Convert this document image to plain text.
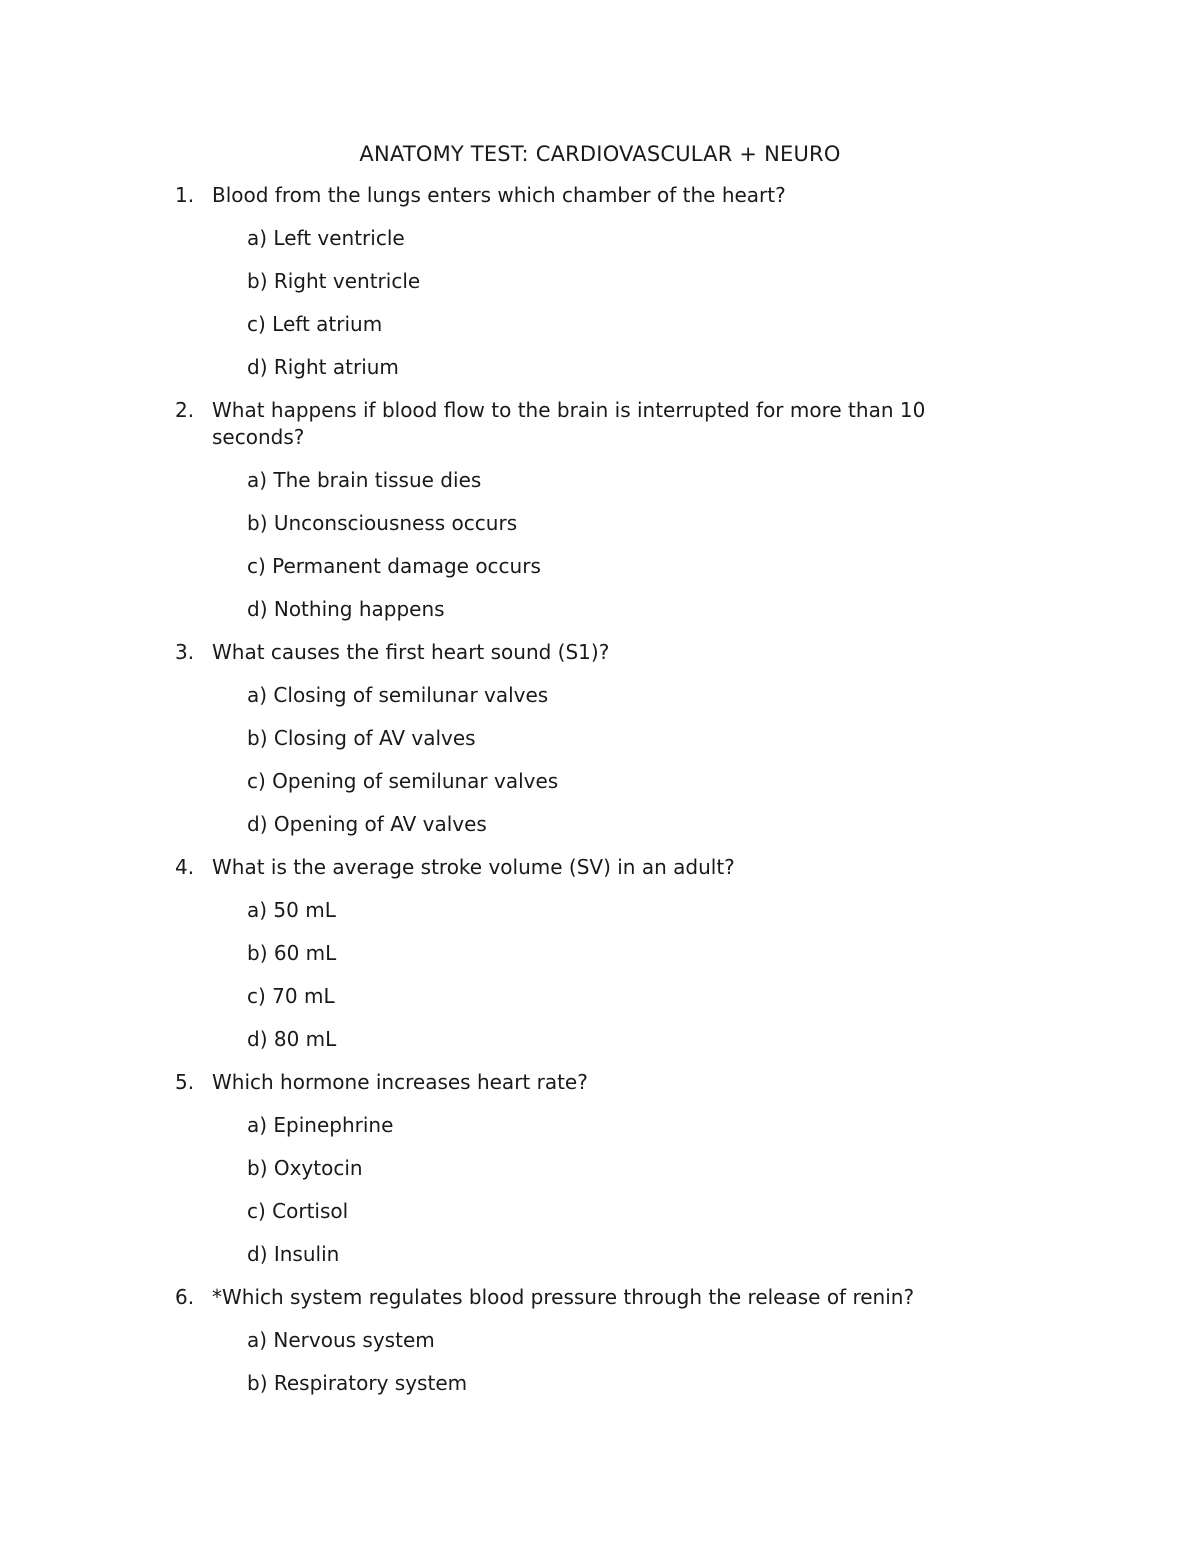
ANATOMY TEST: CARDIOVASCULAR + NEURO
1. Blood from the lungs enters which chamber of the heart?
a) Left ventricle
b) Right ventricle
c) Left atrium
d) Right atrium
2. What happens if blood flow to the brain is interrupted for more than 10 seconds?
a) The brain tissue dies
b) Unconsciousness occurs
c) Permanent damage occurs
d) Nothing happens
3. What causes the first heart sound (S1)?
a) Closing of semilunar valves
b) Closing of AV valves
c) Opening of semilunar valves
d) Opening of AV valves
4. What is the average stroke volume (SV) in an adult?
a) 50 mL
b) 60 mL
c) 70 mL
d) 80 mL
5. Which hormone increases heart rate?
a) Epinephrine
b) Oxytocin
c) Cortisol
d) Insulin
6. *Which system regulates blood pressure through the release of renin?
a) Nervous system
b) Respiratory system
